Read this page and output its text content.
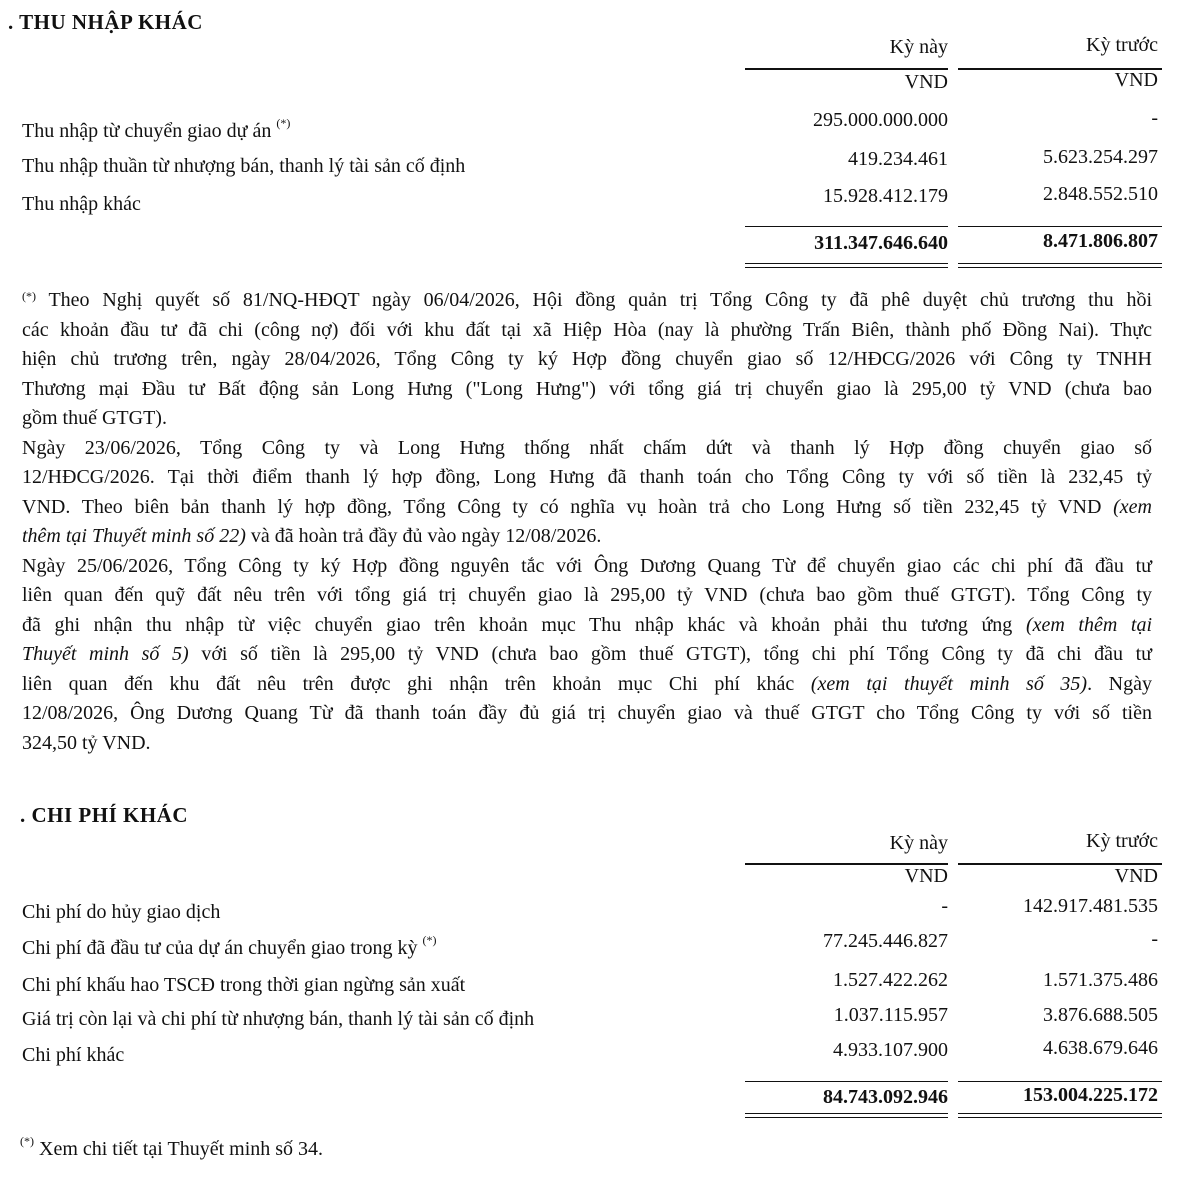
. THU NHẬP KHÁC
Kỳ này	Kỳ trước
VND	VND
Thu nhập từ chuyển giao dự án (*)	295.000.000.000	-
Thu nhập thuần từ nhượng bán, thanh lý tài sản cố định	419.234.461	5.623.254.297
Thu nhập khác	15.928.412.179	2.848.552.510
311.347.646.640	8.471.806.807
(*) Theo Nghị quyết số 81/NQ-HĐQT ngày 06/04/2026, Hội đồng quản trị Tổng Công ty đã phê duyệt chủ trương thu hồi
các khoản đầu tư đã chi (công nợ) đối với khu đất tại xã Hiệp Hòa (nay là phường Trấn Biên, thành phố Đồng Nai). Thực
hiện chủ trương trên, ngày 28/04/2026, Tổng Công ty ký Hợp đồng chuyển giao số 12/HĐCG/2026 với Công ty TNHH
Thương mại Đầu tư Bất động sản Long Hưng ("Long Hưng") với tổng giá trị chuyển giao là 295,00 tỷ VND (chưa bao
gồm thuế GTGT).
Ngày 23/06/2026, Tổng Công ty và Long Hưng thống nhất chấm dứt và thanh lý Hợp đồng chuyển giao số
12/HĐCG/2026. Tại thời điểm thanh lý hợp đồng, Long Hưng đã thanh toán cho Tổng Công ty với số tiền là 232,45 tỷ
VND. Theo biên bản thanh lý hợp đồng, Tổng Công ty có nghĩa vụ hoàn trả cho Long Hưng số tiền 232,45 tỷ VND (xem
thêm tại Thuyết minh số 22) và đã hoàn trả đầy đủ vào ngày 12/08/2026.
Ngày 25/06/2026, Tổng Công ty ký Hợp đồng nguyên tắc với Ông Dương Quang Từ để chuyển giao các chi phí đã đầu tư
liên quan đến quỹ đất nêu trên với tổng giá trị chuyển giao là 295,00 tỷ VND (chưa bao gồm thuế GTGT). Tổng Công ty
đã ghi nhận thu nhập từ việc chuyển giao trên khoản mục Thu nhập khác và khoản phải thu tương ứng (xem thêm tại
Thuyết minh số 5) với số tiền là 295,00 tỷ VND (chưa bao gồm thuế GTGT), tổng chi phí Tổng Công ty đã chi đầu tư
liên quan đến khu đất nêu trên được ghi nhận trên khoản mục Chi phí khác (xem tại thuyết minh số 35). Ngày
12/08/2026, Ông Dương Quang Từ đã thanh toán đầy đủ giá trị chuyển giao và thuế GTGT cho Tổng Công ty với số tiền
324,50 tỷ VND.
. CHI PHÍ KHÁC
Kỳ này	Kỳ trước
VND	VND
Chi phí do hủy giao dịch	-	142.917.481.535
Chi phí đã đầu tư của dự án chuyển giao trong kỳ (*)	77.245.446.827	-
Chi phí khấu hao TSCĐ trong thời gian ngừng sản xuất	1.527.422.262	1.571.375.486
Giá trị còn lại và chi phí từ nhượng bán, thanh lý tài sản cố định	1.037.115.957	3.876.688.505
Chi phí khác	4.933.107.900	4.638.679.646
84.743.092.946	153.004.225.172
(*) Xem chi tiết tại Thuyết minh số 34.
